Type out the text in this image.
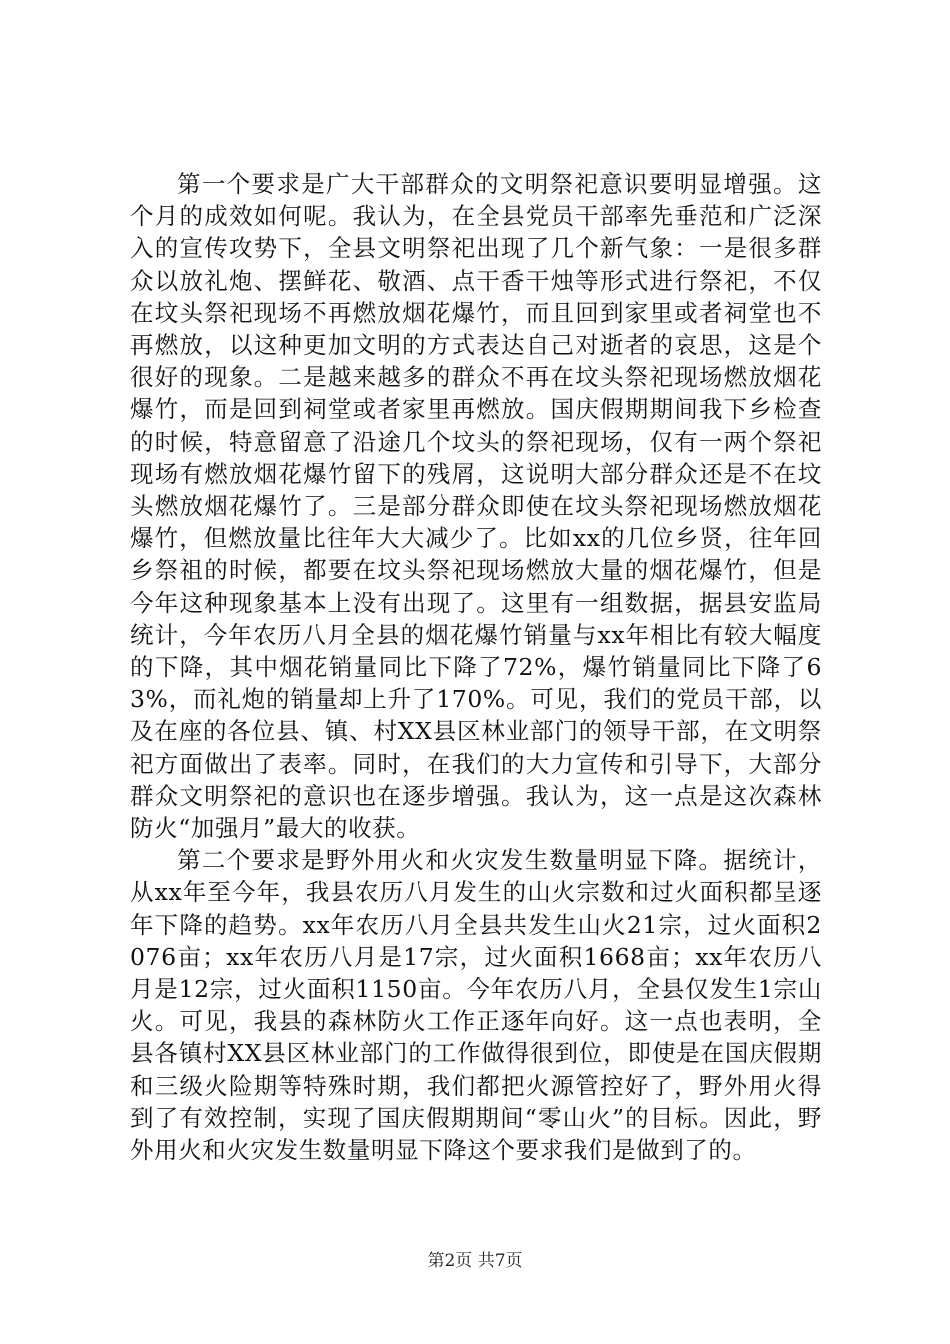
第一个要求是广大干部群众的文明祭祀意识要明显增强。这个月的成效如何呢。我认为，在全县党员干部率先垂范和广泛深入的宣传攻势下，全县文明祭祀出现了几个新气象：一是很多群众以放礼炮、摆鲜花、敬酒、点干香干烛等形式进行祭祀，不仅在坟头祭祀现场不再燃放烟花爆竹，而且回到家里或者祠堂也不再燃放，以这种更加文明的方式表达自己对逝者的哀思，这是个很好的现象。二是越来越多的群众不再在坟头祭祀现场燃放烟花爆竹，而是回到祠堂或者家里再燃放。国庆假期期间我下乡检查的时候，特意留意了沿途几个坟头的祭祀现场，仅有一两个祭祀现场有燃放烟花爆竹留下的残屑，这说明大部分群众还是不在坟头燃放烟花爆竹了。三是部分群众即使在坟头祭祀现场燃放烟花爆竹，但燃放量比往年大大减少了。比如xx的几位乡贤，往年回乡祭祖的时候，都要在坟头祭祀现场燃放大量的烟花爆竹，但是今年这种现象基本上没有出现了。这里有一组数据，据县安监局统计，今年农历八月全县的烟花爆竹销量与xx年相比有较大幅度的下降，其中烟花销量同比下降了72%，爆竹销量同比下降了63%，而礼炮的销量却上升了170%。可见，我们的党员干部，以及在座的各位县、镇、村XX县区林业部门的领导干部，在文明祭祀方面做出了表率。同时，在我们的大力宣传和引导下，大部分群众文明祭祀的意识也在逐步增强。我认为，这一点是这次森林防火“加强月”最大的收获。

第二个要求是野外用火和火灾发生数量明显下降。据统计，从xx年至今年，我县农历八月发生的山火宗数和过火面积都呈逐年下降的趋势。xx年农历八月全县共发生山火21宗，过火面积2076亩；xx年农历八月是17宗，过火面积1668亩；xx年农历八月是12宗，过火面积1150亩。今年农历八月，全县仅发生1宗山火。可见，我县的森林防火工作正逐年向好。这一点也表明，全县各镇村XX县区林业部门的工作做得很到位，即使是在国庆假期和三级火险期等特殊时期，我们都把火源管控好了，野外用火得到了有效控制，实现了国庆假期期间“零山火”的目标。因此，野外用火和火灾发生数量明显下降这个要求我们是做到了的。

第2页 共7页
